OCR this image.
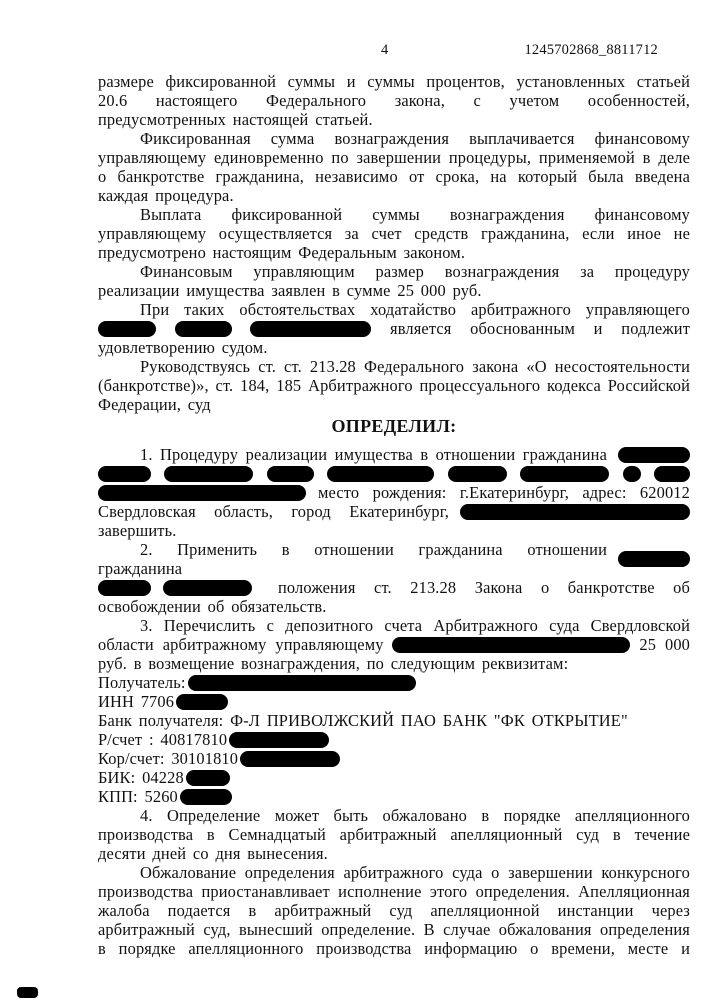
4	1245702868_8811712

размере фиксированной суммы и суммы процентов, установленных статьей 20.6 настоящего Федерального закона, с учетом особенностей, предусмотренных настоящей статьей.

Фиксированная сумма вознаграждения выплачивается финансовому управляющему единовременно по завершении процедуры, применяемой в деле о банкротстве гражданина, независимо от срока, на который была введена каждая процедура.

Выплата фиксированной суммы вознаграждения финансовому управляющему осуществляется за счет средств гражданина, если иное не предусмотрено настоящим Федеральным законом.

Финансовым управляющим размер вознаграждения за процедуру реализации имущества заявлен в сумме 25 000 руб.

При таких обстоятельствах ходатайство арбитражного управляющего    является обоснованным и подлежит удовлетворению судом.

Руководствуясь ст. ст. 213.28 Федерального закона «О несостоятельности (банкротстве)», ст. 184, 185 Арбитражного процессуального кодекса Российской Федерации, суд

ОПРЕДЕЛИЛ:

1. Процедуру реализации имущества в отношении гражданина
место рождения: г.Екатеринбург, адрес: 620012
Свердловская область, город Екатеринбург,
завершить.
2. Применить в отношении гражданина отношении гражданина
положения ст. 213.28 Закона о банкротстве об
освобождении об обязательств.

3. Перечислить с депозитного счета Арбитражного суда Свердловской области арбитражному управляющему	25 000 руб. в возмещение вознаграждения, по следующим реквизитам:

Получатель:
ИНН 7706
Банк получателя: Ф-Л ПРИВОЛЖСКИЙ ПАО БАНК "ФК ОТКРЫТИЕ"
Р/счет : 40817810
Кор/счет: 30101810
БИК: 04228
КПП: 5260

4. Определение может быть обжаловано в порядке апелляционного производства в Семнадцатый арбитражный апелляционный суд в течение десяти дней со дня вынесения.

Обжалование определения арбитражного суда о завершении конкурсного производства приостанавливает исполнение этого определения. Апелляционная жалоба подается в арбитражный суд апелляционной инстанции через арбитражный суд, вынесший определение. В случае обжалования определения в порядке апелляционного производства информацию о времени, месте и
